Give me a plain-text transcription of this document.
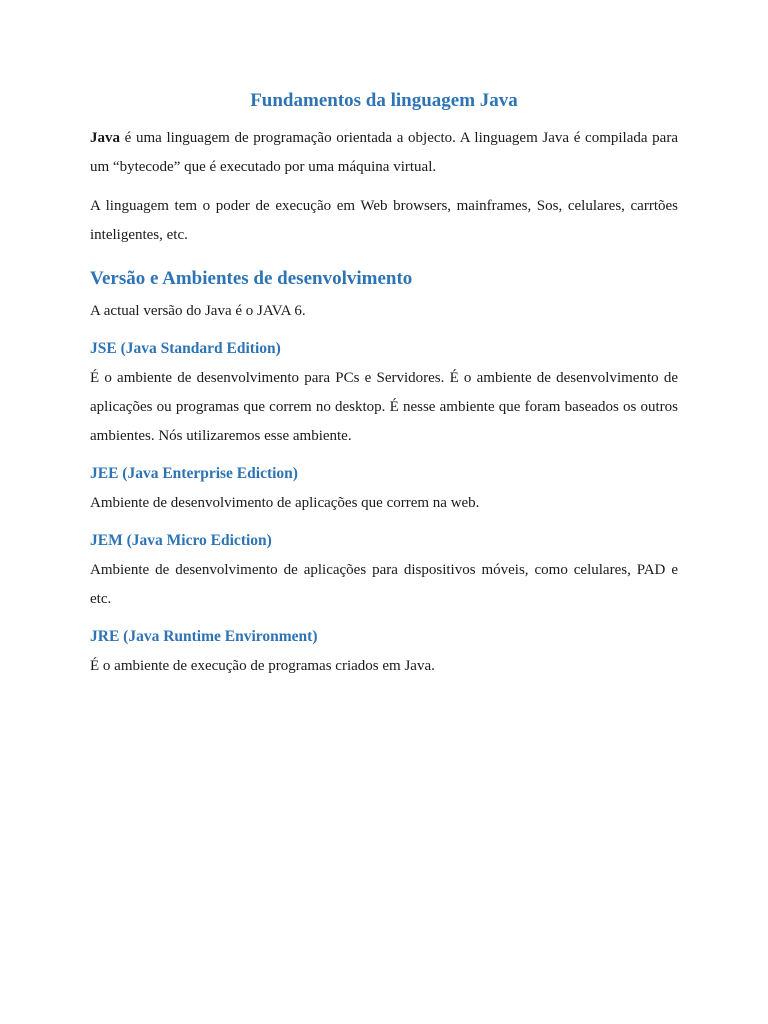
Fundamentos da linguagem Java

Java é uma linguagem de programação orientada a objecto. A linguagem Java é compilada para um “bytecode” que é executado por uma máquina virtual.

A linguagem tem o poder de execução em Web browsers, mainframes, Sos, celulares, carrtões inteligentes, etc.

Versão e Ambientes de desenvolvimento

A actual versão do Java é o JAVA 6.

JSE (Java Standard Edition)

É o ambiente de desenvolvimento para PCs e Servidores. É o ambiente de desenvolvimento de aplicações ou programas que correm no desktop. É nesse ambiente que foram baseados os outros ambientes. Nós utilizaremos esse ambiente.

JEE (Java Enterprise Ediction)

Ambiente de desenvolvimento de aplicações que correm na web.

JEM (Java Micro Ediction)

Ambiente de desenvolvimento de aplicações para dispositivos móveis, como celulares, PAD e etc.

JRE (Java Runtime Environment)

É o ambiente de execução de programas criados em Java.
